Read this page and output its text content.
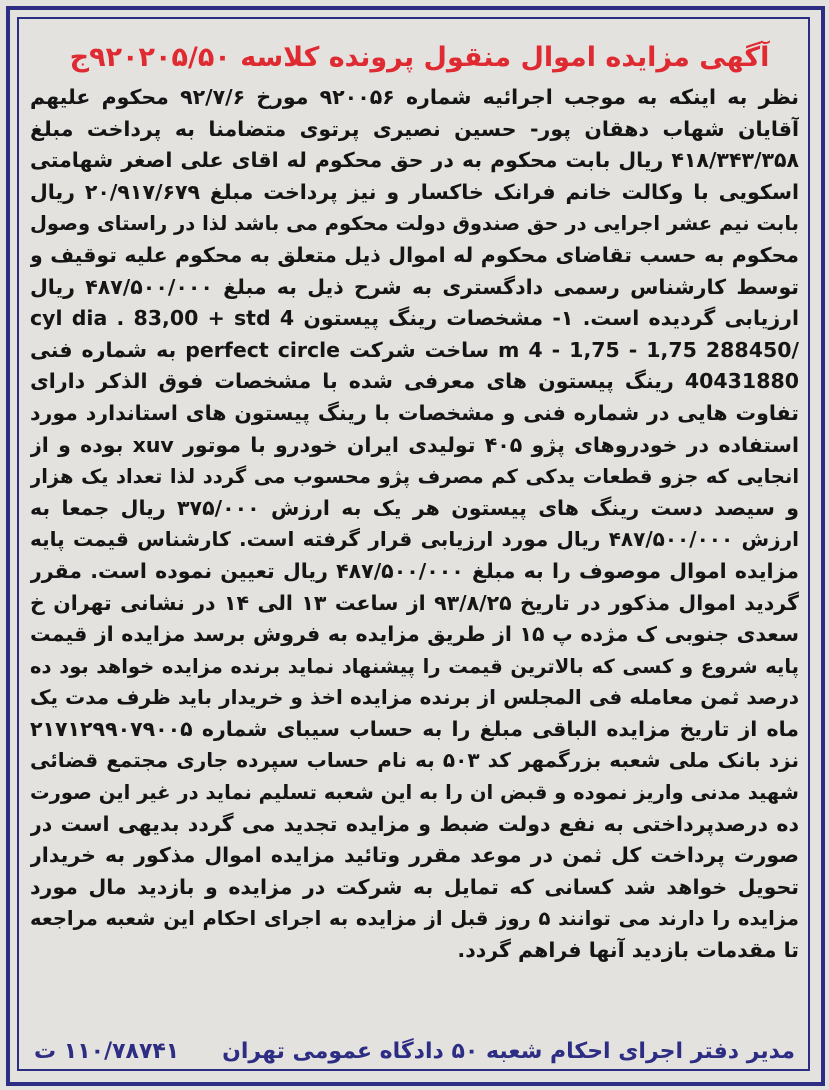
آگهی مزایده اموال منقول پرونده کلاسه ۹۲۰۲۰۵/۵۰ج
نظر به اینکه به موجب اجرائیه شماره ۹۲۰۰۵۶ مورخ ۹۲/۷/۶ محکوم علیهم
آقایان شهاب دهقان پور- حسین نصیری پرتوی متضامنا به پرداخت مبلغ
۴۱۸/۳۴۳/۳۵۸ ریال بابت محکوم به در حق محکوم له اقای علی اصغر شهامتی
اسکویی با وکالت خانم فرانک خاکسار و نیز پرداخت مبلغ ۲۰/۹۱۷/۶۷۹ ریال
بابت نیم عشر اجرایی در حق صندوق دولت محکوم می باشد لذا در راستای وصول
محکوم به حسب تقاضای محکوم له اموال ذیل متعلق به محکوم علیه توقیف و
توسط کارشناس رسمی دادگستری به شرح ذیل به مبلغ ۴۸۷/۵۰۰/۰۰۰ ریال
ارزیابی گردیده است. ۱- مشخصات رینگ پیستون 4 cyl dia . 83,00 + std
/288450 m 4 - 1,75 - 1,75 ساخت شرکت perfect circle به شماره فنی
40431880 رینگ پیستون های معرفی شده با مشخصات فوق الذکر دارای
تفاوت هایی در شماره فنی و مشخصات با رینگ پیستون های استاندارد مورد
استفاده در خودروهای پژو ۴۰۵ تولیدی ایران خودرو با موتور xuv بوده و از
انجایی که جزو قطعات یدکی کم مصرف پژو محسوب می گردد لذا تعداد یک هزار
و سیصد دست رینگ های پیستون هر یک به ارزش ۳۷۵/۰۰۰ ریال جمعا به
ارزش ۴۸۷/۵۰۰/۰۰۰ ریال مورد ارزیابی قرار گرفته است. کارشناس قیمت پایه
مزایده اموال موصوف را به مبلغ ۴۸۷/۵۰۰/۰۰۰ ریال تعیین نموده است. مقرر
گردید اموال مذکور در تاریخ ۹۳/۸/۲۵ از ساعت ۱۳ الی ۱۴ در نشانی تهران خ
سعدی جنوبی ک مژده پ ۱۵ از طریق مزایده به فروش برسد مزایده از قیمت
پایه شروع و کسی که بالاترین قیمت را پیشنهاد نماید برنده مزایده خواهد بود ده
درصد ثمن معامله فی المجلس از برنده مزایده اخذ و خریدار باید ظرف مدت یک
ماه از تاریخ مزایده الباقی مبلغ را به حساب سیبای شماره ۲۱۷۱۲۹۹۰۷۹۰۰۵
نزد بانک ملی شعبه بزرگمهر کد ۵۰۳ به نام حساب سپرده جاری مجتمع قضائی
شهید مدنی واریز نموده و قبض ان را به این شعبه تسلیم نماید در غیر این صورت
ده درصدپرداختی به نفع دولت ضبط و مزایده تجدید می گردد بدیهی است در
صورت پرداخت کل ثمن در موعد مقرر وتائید مزایده اموال مذکور به خریدار
تحویل خواهد شد کسانی که تمایل به شرکت در مزایده و بازدید مال مورد
مزایده را دارند می توانند ۵ روز قبل از مزایده به اجرای احکام این شعبه مراجعه
تا مقدمات بازدید آنها فراهم گردد.
مدیر دفتر اجرای احکام شعبه ۵۰ دادگاه عمومی تهران
۱۱۰/۷۸۷۴۱ ت
